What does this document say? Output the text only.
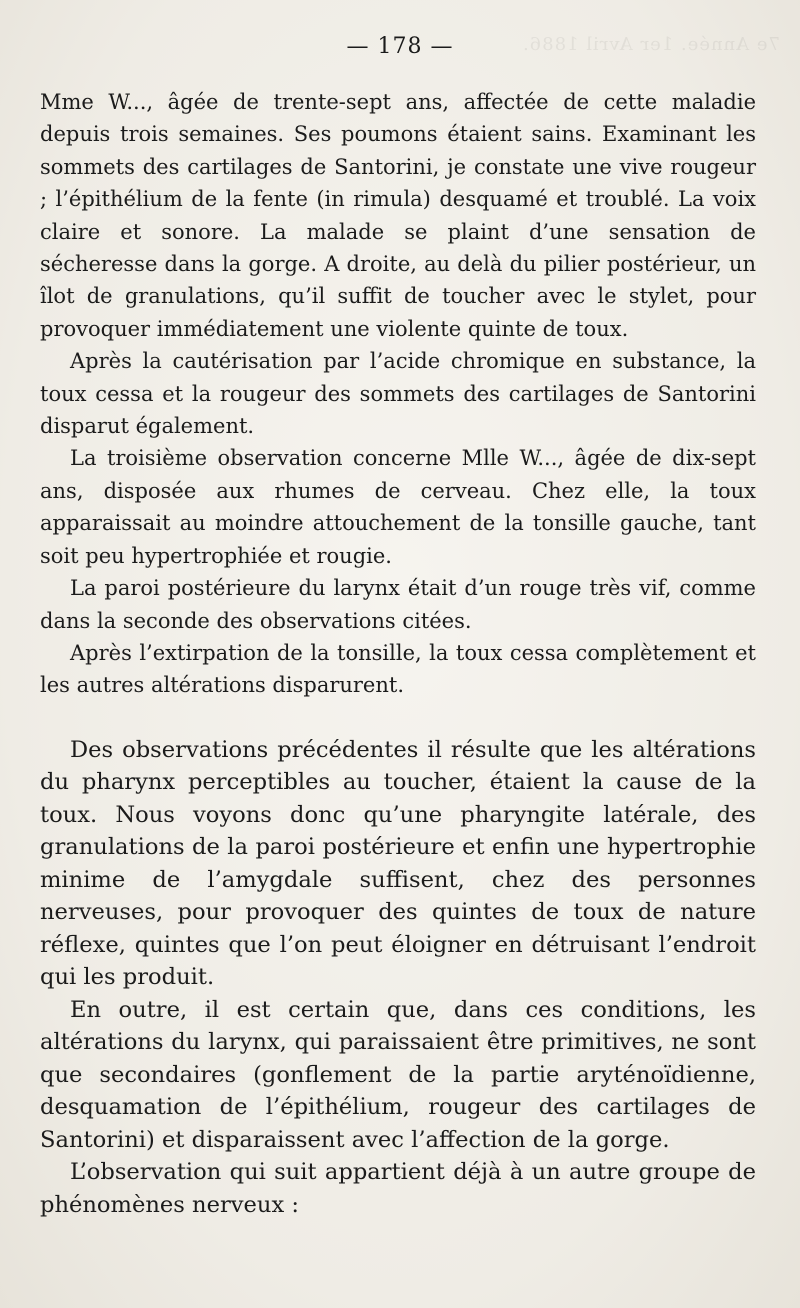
7e Année. 1er Avril 1886.
— 178 —

Mme W..., âgée de trente-sept ans, affectée de cette maladie depuis trois semaines. Ses poumons étaient sains. Examinant les sommets des cartilages de Santorini, je constate une vive rougeur ; l’épithélium de la fente (in rimula) desquamé et troublé. La voix claire et sonore. La malade se plaint d’une sensation de sécheresse dans la gorge. A droite, au delà du pilier postérieur, un îlot de granulations, qu’il suffit de toucher avec le stylet, pour provoquer immédiatement une violente quinte de toux.

Après la cautérisation par l’acide chromique en substance, la toux cessa et la rougeur des sommets des cartilages de Santorini disparut également.

La troisième observation concerne Mlle W..., âgée de dix-sept ans, disposée aux rhumes de cerveau. Chez elle, la toux apparaissait au moindre attouchement de la tonsille gauche, tant soit peu hypertrophiée et rougie.

La paroi postérieure du larynx était d’un rouge très vif, comme dans la seconde des observations citées.

Après l’extirpation de la tonsille, la toux cessa complètement et les autres altérations disparurent.

Des observations précédentes il résulte que les altérations du pharynx perceptibles au toucher, étaient la cause de la toux. Nous voyons donc qu’une pharyngite latérale, des granulations de la paroi postérieure et enfin une hypertrophie minime de l’amygdale suffisent, chez des personnes nerveuses, pour provoquer des quintes de toux de nature réflexe, quintes que l’on peut éloigner en détruisant l’endroit qui les produit.

En outre, il est certain que, dans ces conditions, les altérations du larynx, qui paraissaient être primitives, ne sont que secondaires (gonflement de la partie aryténoïdienne, desquamation de l’épithélium, rougeur des cartilages de Santorini) et disparaissent avec l’affection de la gorge.

L’observation qui suit appartient déjà à un autre groupe de phénomènes nerveux :
